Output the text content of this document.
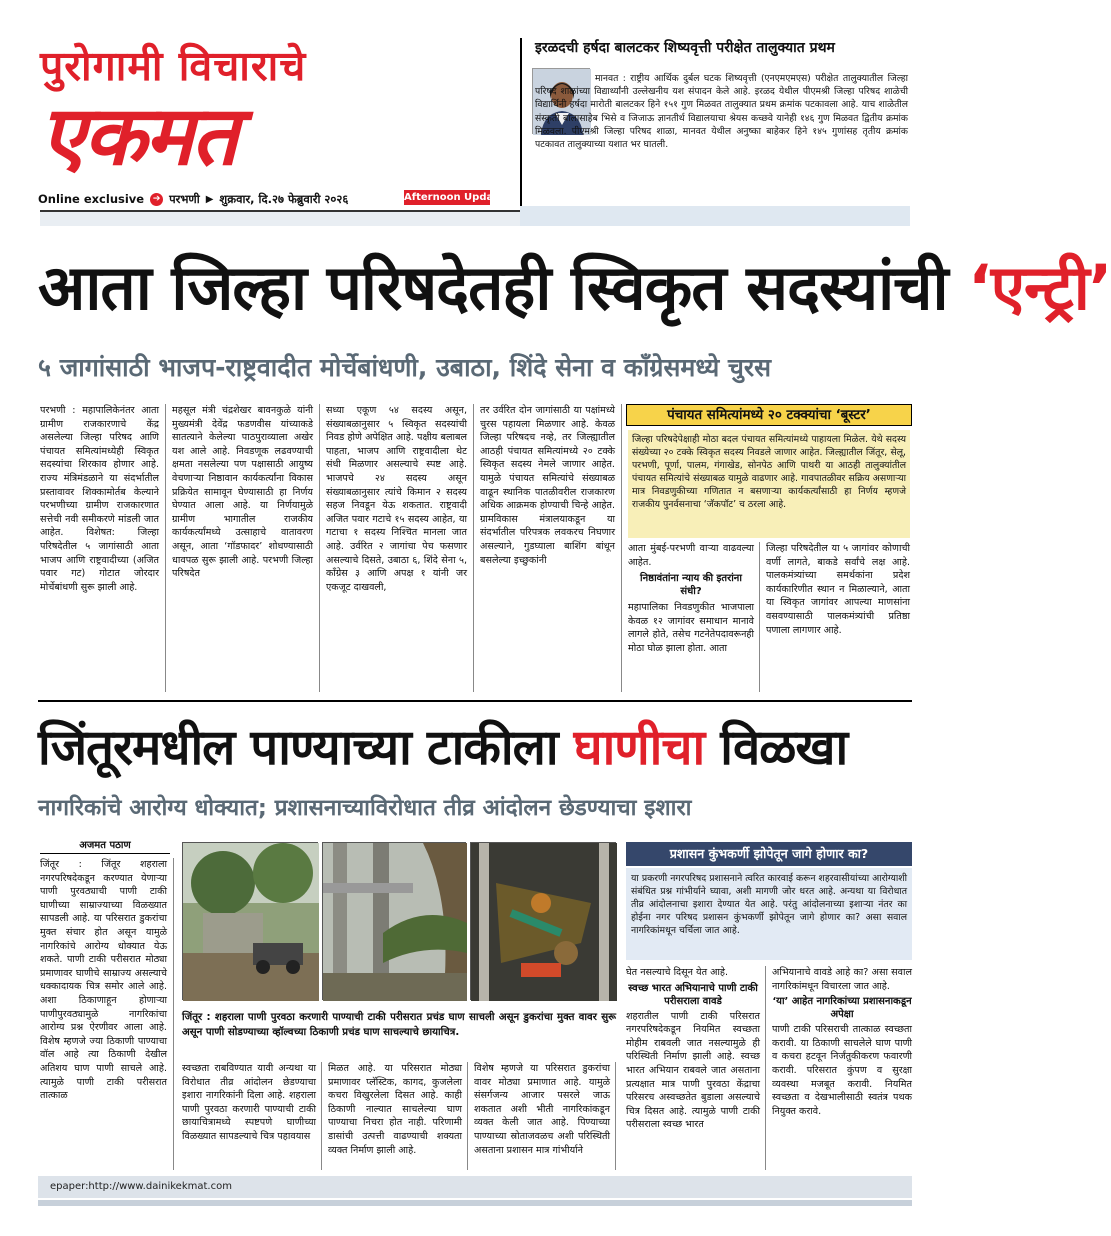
पुरोगामी विचाराचे
एकमत
Online exclusive ➔ परभणी ▶ शुक्रवार, दि.२७ फेब्रुवारी २०२६	Afternoon Update
इरळदची हर्षदा बालटकर शिष्यवृत्ती परीक्षेत तालुक्यात प्रथम
मानवत : राष्ट्रीय आर्थिक दुर्बल घटक शिष्यवृत्ती (एनएमएमएस) परीक्षेत तालुक्यातील जिल्हा परिषद शाळांच्या विद्यार्थ्यांनी उल्लेखनीय यश संपादन केले आहे. इरळद येथील पीएमश्री जिल्हा परिषद शाळेची विद्यार्थिनी हर्षदा मारोती बालटकर हिने १५१ गुण मिळवत तालुक्यात प्रथम क्रमांक पटकावला आहे. याच शाळेतील संस्कृती बालासाहेब भिसे व जिजाऊ ज्ञानतीर्थ विद्यालयाचा श्रेयस कच्छवे यानेही १४६ गुण मिळवत द्वितीय क्रमांक मिळवला. पीएमश्री जिल्हा परिषद शाळा, मानवत येथील अनुष्का बाहेकर हिने १४५ गुणांसह तृतीय क्रमांक पटकावत तालुक्याच्या यशात भर घातली.
आता जिल्हा परिषदेतही स्विकृत सदस्यांची ‘एन्ट्री’
५ जागांसाठी भाजप-राष्ट्रवादीत मोर्चेबांधणी, उबाठा, शिंदे सेना व कॉंग्रेसमध्ये चुरस
परभणी : महापालिकेनंतर आता ग्रामीण राजकारणाचे केंद्र असलेल्या जिल्हा परिषद आणि पंचायत समित्यांमध्येही स्विकृत सदस्यांचा शिरकाव होणार आहे. राज्य मंत्रिमंडळाने या संदर्भातील प्रस्तावावर शिक्कामोर्तब केल्याने परभणीच्या ग्रामीण राजकारणात सत्तेची नवी समीकरणे मांडली जात आहेत. विशेषत: जिल्हा परिषदेतील ५ जागांसाठी आता भाजप आणि राष्ट्रवादीच्या (अजित पवार गट) गोटात जोरदार मोर्चेबांधणी सुरू झाली आहे.
महसूल मंत्री चंद्रशेखर बावनकुळे यांनी मुख्यमंत्री देवेंद्र फडणवीस यांच्याकडे सातत्याने केलेल्या पाठपुराव्याला अखेर यश आले आहे. निवडणूक लढवण्याची क्षमता नसलेल्या पण पक्षासाठी आयुष्य वेचणाऱ्या निष्ठावान कार्यकर्त्यांना विकास प्रक्रियेत सामावून घेण्यासाठी हा निर्णय घेण्यात आला आहे. या निर्णयामुळे ग्रामीण भागातील राजकीय कार्यकर्त्यांमध्ये उत्साहाचे वातावरण असून, आता ‘गॉडफादर’ शोधण्यासाठी धावपळ सुरू झाली आहे. परभणी जिल्हा परिषदेत
सध्या एकूण ५४ सदस्य असून, संख्याबळानुसार ५ स्विकृत सदस्यांची निवड होणे अपेक्षित आहे. पक्षीय बलाबल पाहता, भाजप आणि राष्ट्रवादीला थेट संधी मिळणार असल्याचे स्पष्ट आहे. भाजपचे २४ सदस्य असून संख्याबळानुसार त्यांचे किमान २ सदस्य सहज निवडून येऊ शकतात. राष्ट्रवादी अजित पवार गटाचे १५ सदस्य आहेत, या गटाचा १ सदस्य निश्चित मानला जात आहे. उर्वरित २ जागांचा पेच फसणार असल्याचे दिसते, उबाठा ६, शिंदे सेना ५, काँग्रेस ३ आणि अपक्ष १ यांनी जर एकजूट दाखवली,
तर उर्वरित दोन जागांसाठी या पक्षांमध्ये चुरस पहायला मिळणार आहे. केवळ जिल्हा परिषदच नव्हे, तर जिल्ह्यातील आठही पंचायत समित्यांमध्ये २० टक्के स्विकृत सदस्य नेमले जाणार आहेत. यामुळे पंचायत समित्यांचे संख्याबळ वाढून स्थानिक पातळीवरील राजकारण अधिक आक्रमक होण्याची चिन्हे आहेत. ग्रामविकास मंत्रालयाकडून या संदर्भातील परिपत्रक लवकरच निघणार असल्याने, गुडघ्याला बाशिंग बांधून बसलेल्या इच्छुकांनी
पंचायत समित्यांमध्ये २० टक्क्यांचा ‘बूस्टर’
जिल्हा परिषदेपेक्षाही मोठा बदल पंचायत समित्यांमध्ये पाहायला मिळेल. येथे सदस्य संख्येच्या २० टक्के स्विकृत सदस्य निवडले जाणार आहेत. जिल्ह्यातील जिंतूर, सेलू, परभणी, पूर्णा, पालम, गंगाखेड, सोनपेठ आणि पाथरी या आठही तालुक्यांतील पंचायत समित्यांचे संख्याबळ यामुळे वाढणार आहे. गावपातळीवर सक्रिय असणाऱ्या मात्र निवडणुकीच्या गणितात न बसणाऱ्या कार्यकर्त्यांसाठी हा निर्णय म्हणजे राजकीय पुनर्वसनाचा ‘जॅकपॉट’ च ठरला आहे.
आता मुंबई-परभणी वाऱ्या वाढवल्या आहेत.
निष्ठावंतांना न्याय की इतरांना संधी?
महापालिका निवडणुकीत भाजपाला केवळ १२ जागांवर समाधान मानावे लागले होते, तसेच गटनेतेपदावरूनही मोठा घोळ झाला होता. आता
जिल्हा परिषदेतील या ५ जागांवर कोणाची वर्णी लागते, बाकडे सर्वांचे लक्ष आहे. पालकमंत्र्यांच्या समर्थकांना प्रदेश कार्यकारिणीत स्थान न मिळाल्याने, आता या स्विकृत जागांवर आपल्या माणसांना वसवण्यासाठी पालकमंत्र्यांची प्रतिष्ठा पणाला लागणार आहे.
जिंतूरमधील पाण्याच्या टाकीला घाणीचा विळखा
नागरिकांचे आरोग्य धोक्यात; प्रशासनाच्याविरोधात तीव्र आंदोलन छेडण्याचा इशारा
अजमत पठाण
जिंतूर : जिंतूर शहराला नगरपरिषदेकडून करण्यात येणाऱ्या पाणी पुरवठ्याची पाणी टाकी घाणीच्या साम्राज्याच्या विळख्यात सापडली आहे. या परिसरात डुकरांचा मुक्त संचार होत असून यामुळे नागरिकांचे आरोग्य धोक्यात येऊ शकते. पाणी टाकी परीसरात मोठ्या प्रमाणावर घाणीचे साम्राज्य असल्याचे धक्कादायक चित्र समोर आले आहे. अशा ठिकाणाहून होणाऱ्या पाणीपुरवठ्यामुळे नागरिकांचा आरोग्य प्रश्न ऐरणीवर आला आहे. विशेष म्हणजे ज्या ठिकाणी पाण्याचा वॉल आहे त्या ठिकाणी देखील अतिशय घाण पाणी साचले आहे. त्यामुळे पाणी टाकी परीसरात तात्काळ
जिंतूर : शहराला पाणी पुरवठा करणारी पाण्याची टाकी परीसरात प्रचंड घाण साचली असून डुकरांचा मुक्त वावर सुरू असून पाणी सोडण्याच्या व्हॉल्वच्या ठिकाणी प्रचंड घाण साचल्याचे छायाचित्र.
स्वच्छता राबविण्यात यावी अन्यथा या विरोधात तीव्र आंदोलन छेडण्याचा इशारा नागरिकांनी दिला आहे. शहराला पाणी पुरवठा करणारी पाण्याची टाकी छायाचित्रामध्ये स्पष्टपणे घाणीच्या विळख्यात सापडल्याचे चित्र पहावयास
मिळत आहे. या परिसरात मोठ्या प्रमाणावर प्लॅस्टिक, कागद, कुजलेला कचरा विखुरलेला दिसत आहे. काही ठिकाणी नाल्यात साचलेल्या घाण पाण्याचा निचरा होत नाही. परिणामी डासांची उत्पत्ती वाढण्याची शक्यता व्यक्त निर्माण झाली आहे.
विशेष म्हणजे या परिसरात डुकरांचा वावर मोठ्या प्रमाणात आहे. यामुळे संसर्गजन्य आजार पसरले जाऊ शकतात अशी भीती नागरिकांकडून व्यक्त केली जात आहे. पिण्याच्या पाण्याच्या स्रोताजवळच अशी परिस्थिती असताना प्रशासन मात्र गांभीर्याने
प्रशासन कुंभकर्णी झोपेतून जागे होणार का?
या प्रकरणी नगरपरिषद प्रशासनाने त्वरित कारवाई करून शहरवासीयांच्या आरोग्याशी संबंधित प्रश्न गांभीर्याने घ्यावा, अशी मागणी जोर धरत आहे. अन्यथा या विरोधात तीव्र आंदोलनाचा इशारा देण्यात येत आहे. परंतु आंदोलनाच्या इशाऱ्या नंतर का होईना नगर परिषद प्रशासन कुंभकर्णी झोपेतून जागे होणार का? असा सवाल नागरिकांमधून चर्चिला जात आहे.
घेत नसल्याचे दिसून येत आहे.
स्वच्छ भारत अभियानाचे पाणी टाकी परीसराला वावडे
शहरातील पाणी टाकी परिसरात नगरपरिषदेकडून नियमित स्वच्छता मोहीम राबवली जात नसल्यामुळे ही परिस्थिती निर्माण झाली आहे. स्वच्छ भारत अभियान राबवले जात असताना प्रत्यक्षात मात्र पाणी पुरवठा केंद्राचा परिसरच अस्वच्छतेत बुडाला असल्याचे चित्र दिसत आहे. त्यामुळे पाणी टाकी परीसराला स्वच्छ भारत
अभियानाचे वावडे आहे का? असा सवाल नागरिकांमधून विचारला जात आहे.
‘या’ आहेत नागरिकांच्या प्रशासनाकडून अपेक्षा
पाणी टाकी परिसराची तात्काळ स्वच्छता करावी. या ठिकाणी साचलेले घाण पाणी व कचरा हटवून निर्जंतुकीकरण फवारणी करावी. परिसरात कुंपण व सुरक्षा व्यवस्था मजबूत करावी. नियमित स्वच्छता व देखभालीसाठी स्वतंत्र पथक नियुक्त करावे.
epaper:http://www.dainikekmat.com
